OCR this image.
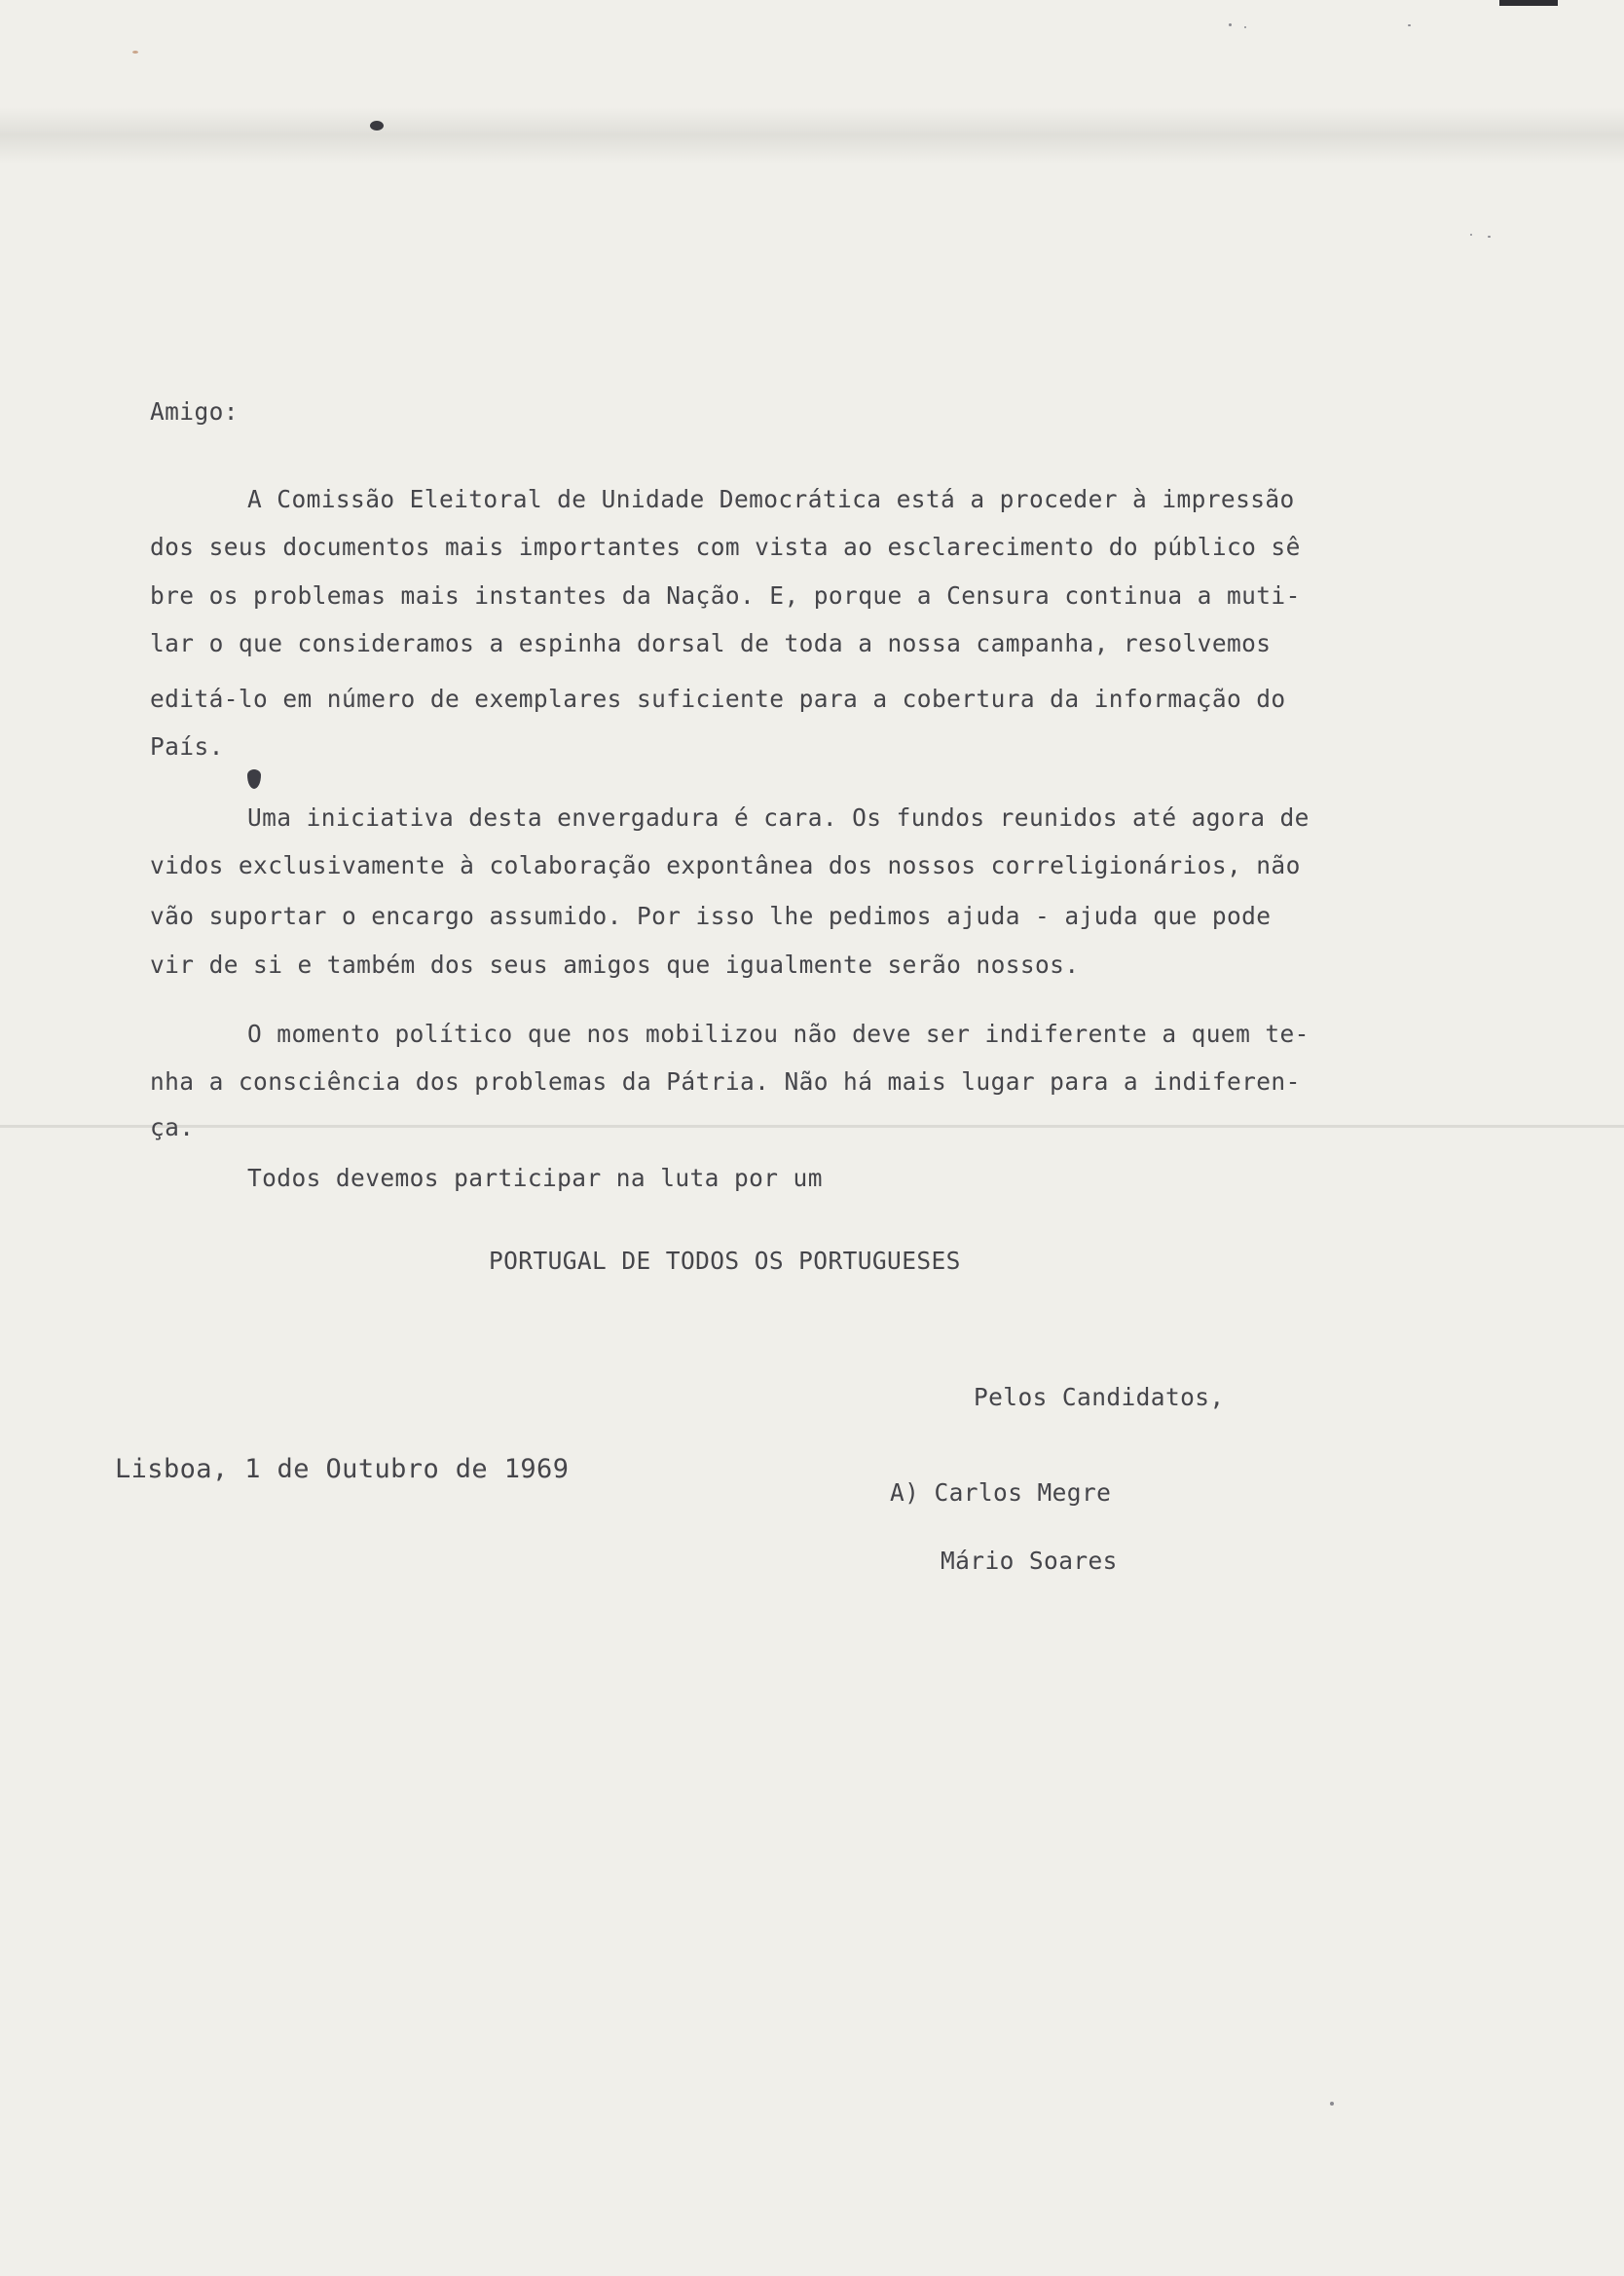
Amigo:
A Comissão Eleitoral de Unidade Democrática está a proceder à impressão
dos seus documentos mais importantes com vista ao esclarecimento do público sê
bre os problemas mais instantes da Nação. E, porque a Censura continua a muti-
lar o que consideramos a espinha dorsal de toda a nossa campanha, resolvemos
editá-lo em número de exemplares suficiente para a cobertura da informação do
País.
Uma iniciativa desta envergadura é cara. Os fundos reunidos até agora de
vidos exclusivamente à colaboração expontânea dos nossos correligionários, não
vão suportar o encargo assumido. Por isso lhe pedimos ajuda - ajuda que pode
vir de si e também dos seus amigos que igualmente serão nossos.
O momento político que nos mobilizou não deve ser indiferente a quem te-
nha a consciência dos problemas da Pátria. Não há mais lugar para a indiferen-
ça.
Todos devemos participar na luta por um
PORTUGAL DE TODOS OS PORTUGUESES
Pelos Candidatos,
Lisboa, 1 de Outubro de 1969
A) Carlos Megre
Mário Soares
